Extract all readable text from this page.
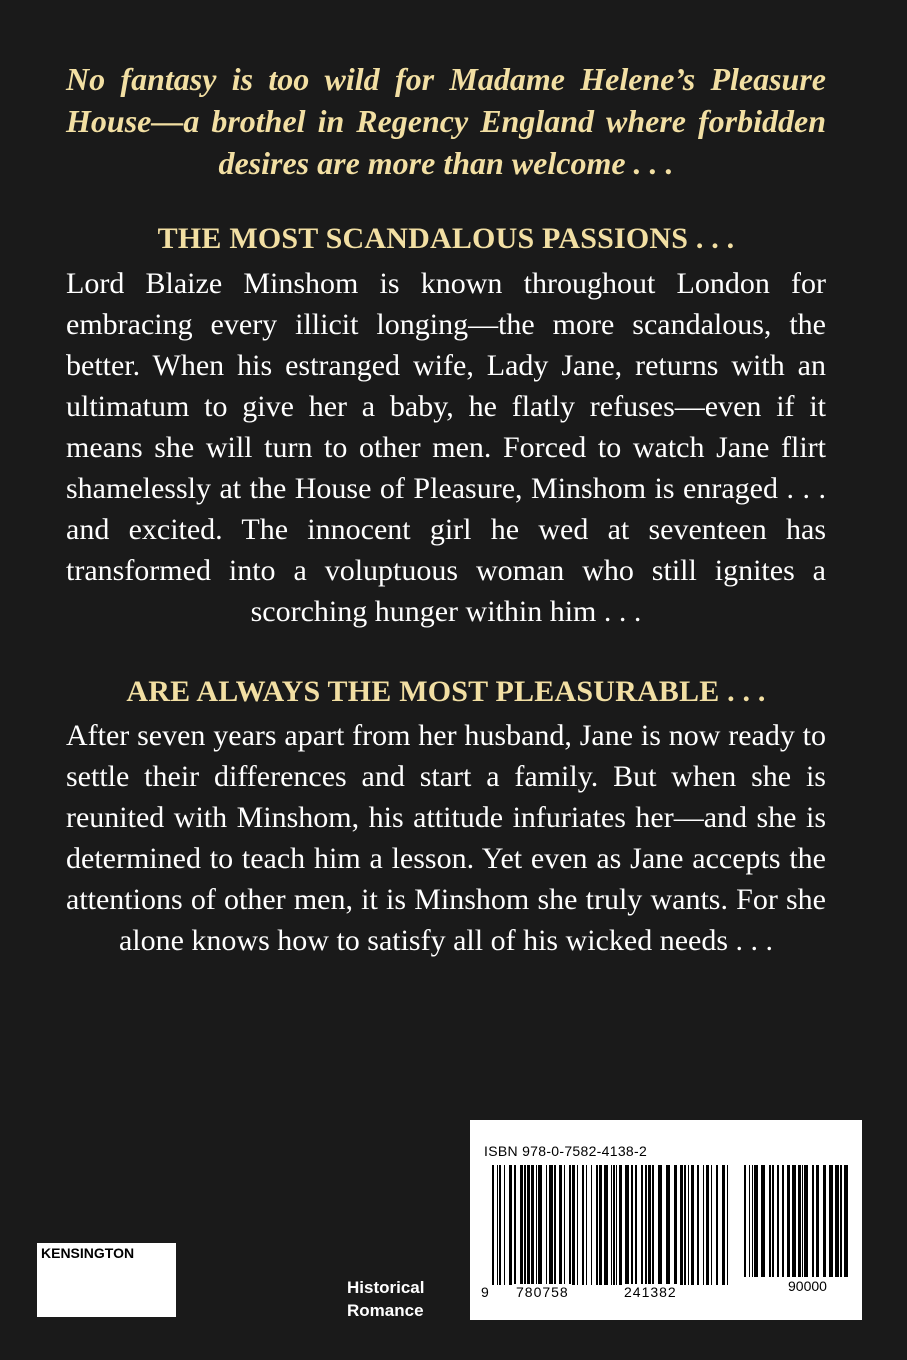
No fantasy is too wild for Madame Helene’s Pleasure House—a brothel in Regency England where forbidden desires are more than welcome . . .

THE MOST SCANDALOUS PASSIONS . . .

Lord Blaize Minshom is known throughout London for embracing every illicit longing—the more scandalous, the better. When his estranged wife, Lady Jane, returns with an ultimatum to give her a baby, he flatly refuses—even if it means she will turn to other men. Forced to watch Jane flirt shamelessly at the House of Pleasure, Minshom is enraged . . . and excited. The innocent girl he wed at seventeen has transformed into a voluptuous woman who still ignites a scorching hunger within him . . .

ARE ALWAYS THE MOST PLEASURABLE . . .

After seven years apart from her husband, Jane is now ready to settle their differences and start a family. But when she is reunited with Minshom, his attitude infuriates her—and she is determined to teach him a lesson. Yet even as Jane accepts the attentions of other men, it is Minshom she truly wants. For she alone knows how to satisfy all of his wicked needs . . .

KENSINGTON
Historical
Romance
ISBN 978-0-7582-4138-2
9 780758	241382	90000
